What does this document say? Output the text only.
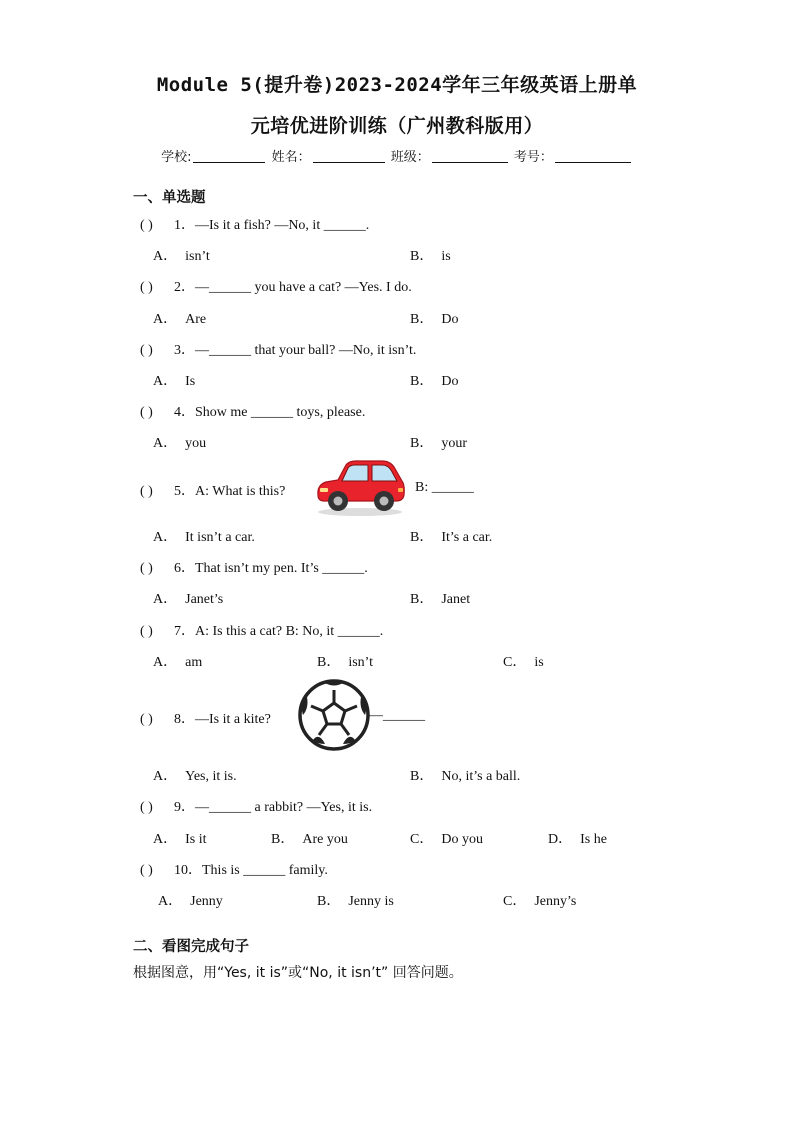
Module 5(提升卷)2023-2024学年三年级英语上册单
元培优进阶训练（广州教科版用）
学校:	姓名：	班级：	考号：
一、单选题
( ) 1．—Is it a fish? —No, it ______.
A． isn’t	B． is
( ) 2．—______ you have a cat? —Yes. I do.
A． Are	B． Do
( ) 3．—______ that your ball? —No, it isn’t.
A． Is	B． Do
( ) 4．Show me ______ toys, please.
A． you	B． your
( ) 5．A: What is this?	B: ______
A． It isn’t a car.	B． It’s a car.
( ) 6．That isn’t my pen. It’s ______.
A． Janet’s	B． Janet
( ) 7．A: Is this a cat? B: No, it ______.
A． am	B． isn’t	C． is
( ) 8．—Is it a kite?	—______
A． Yes, it is.	B． No, it’s a ball.
( ) 9．—______ a rabbit? —Yes, it is.
A． Is it	B． Are you	C． Do you	D． Is he
( ) 10．This is ______ family.
A． Jenny	B． Jenny is	C． Jenny’s
二、看图完成句子
根据图意，用“Yes, it is”或“No, it isn’t” 回答问题。
